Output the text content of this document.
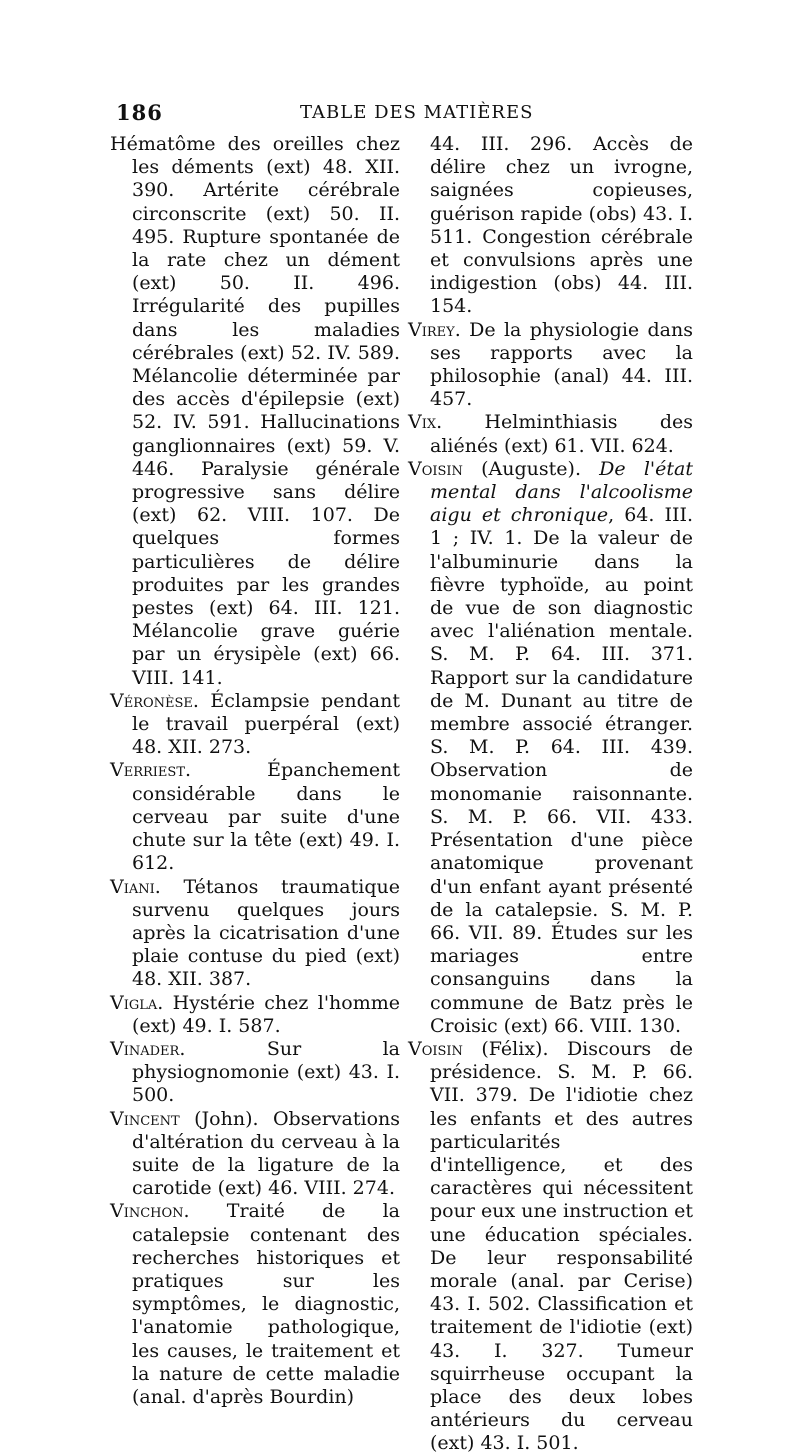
186	TABLE DES MATIÈRES

Hématôme des oreilles chez les déments (ext) 48. XII. 390. Artérite cérébrale circonscrite (ext) 50. II. 495. Rupture spontanée de la rate chez un dément (ext) 50. II. 496. Irrégularité des pupilles dans les maladies cérébrales (ext) 52. IV. 589. Mélancolie déterminée par des accès d'épilepsie (ext) 52. IV. 591. Hallucinations ganglionnaires (ext) 59. V. 446. Paralysie générale progressive sans délire (ext) 62. VIII. 107. De quelques formes particulières de délire produites par les grandes pestes (ext) 64. III. 121. Mélancolie grave guérie par un érysipèle (ext) 66. VIII. 141.

Véronèse. Éclampsie pendant le travail puerpéral (ext) 48. XII. 273.

Verriest. Épanchement considérable dans le cerveau par suite d'une chute sur la tête (ext) 49. I. 612.

Viani. Tétanos traumatique survenu quelques jours après la cicatrisation d'une plaie contuse du pied (ext) 48. XII. 387.

Vigla. Hystérie chez l'homme (ext) 49. I. 587.

Vinader. Sur la physiognomonie (ext) 43. I. 500.

Vincent (John). Observations d'altération du cerveau à la suite de la ligature de la carotide (ext) 46. VIII. 274.

Vinchon. Traité de la catalepsie contenant des recherches historiques et pratiques sur les symptômes, le diagnostic, l'anatomie pathologique, les causes, le traitement et la nature de cette maladie (anal. d'après Bourdin)

44. III. 296. Accès de délire chez un ivrogne, saignées copieuses, guérison rapide (obs) 43. I. 511. Congestion cérébrale et convulsions après une indigestion (obs) 44. III. 154.

Virey. De la physiologie dans ses rapports avec la philosophie (anal) 44. III. 457.

Vix. Helminthiasis des aliénés (ext) 61. VII. 624.

Voisin (Auguste). De l'état mental dans l'alcoolisme aigu et chronique, 64. III. 1 ; IV. 1. De la valeur de l'albuminurie dans la fièvre typhoïde, au point de vue de son diagnostic avec l'aliénation mentale. S. M. P. 64. III. 371. Rapport sur la candidature de M. Dunant au titre de membre associé étranger. S. M. P. 64. III. 439. Observation de monomanie raisonnante. S. M. P. 66. VII. 433. Présentation d'une pièce anatomique provenant d'un enfant ayant présenté de la catalepsie. S. M. P. 66. VII. 89. Études sur les mariages entre consanguins dans la commune de Batz près le Croisic (ext) 66. VIII. 130.

Voisin (Félix). Discours de présidence. S. M. P. 66. VII. 379. De l'idiotie chez les enfants et des autres particularités d'intelligence, et des caractères qui nécessitent pour eux une instruction et une éducation spéciales. De leur responsabilité morale (anal. par Cerise) 43. I. 502. Classification et traitement de l'idiotie (ext) 43. I. 327. Tumeur squirrheuse occupant la place des deux lobes antérieurs du cerveau (ext) 43. I. 501.
